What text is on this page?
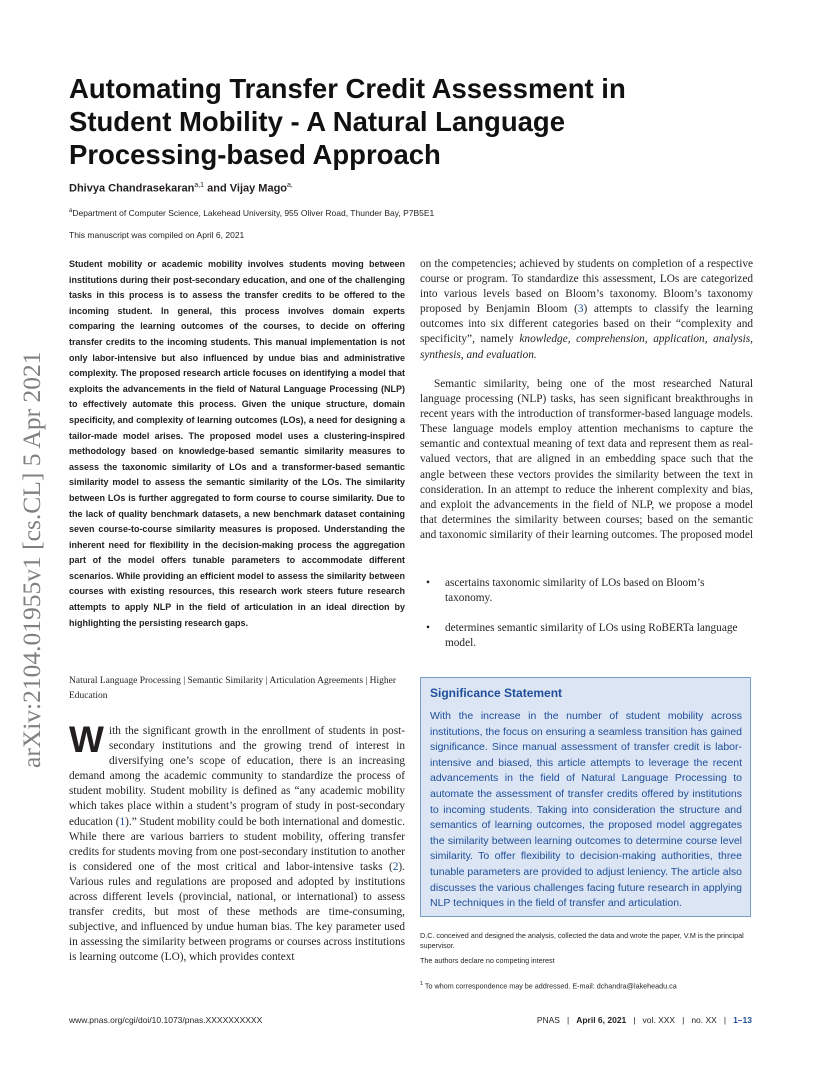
arXiv:2104.01955v1 [cs.CL] 5 Apr 2021
Automating Transfer Credit Assessment in Student Mobility - A Natural Language Processing-based Approach
Dhivya Chandrasekaran$^{a,1}$ and Vijay Mago$^{a,}$
$^a$Department of Computer Science, Lakehead University, 955 Oliver Road, Thunder Bay, P7B5E1
This manuscript was compiled on April 6, 2021

Student mobility or academic mobility involves students moving between institutions during their post-secondary education, and one of the challenging tasks in this process is to assess the transfer credits to be offered to the incoming student. In general, this process involves domain experts comparing the learning outcomes of the courses, to decide on offering transfer credits to the incoming students. This manual implementation is not only labor-intensive but also influenced by undue bias and administrative complexity. The proposed research article focuses on identifying a model that exploits the advancements in the field of Natural Language Processing (NLP) to effectively automate this process. Given the unique structure, domain specificity, and complexity of learning outcomes (LOs), a need for designing a tailor-made model arises. The proposed model uses a clustering-inspired methodology based on knowledge-based semantic similarity measures to assess the taxonomic similarity of LOs and a transformer-based semantic similarity model to assess the semantic similarity of the LOs. The similarity between LOs is further aggregated to form course to course similarity. Due to the lack of quality benchmark datasets, a new benchmark dataset containing seven course-to-course similarity measures is proposed. Understanding the inherent need for flexibility in the decision-making process the aggregation part of the model offers tunable parameters to accommodate different scenarios. While providing an efficient model to assess the similarity between courses with existing resources, this research work steers future research attempts to apply NLP in the field of articulation in an ideal direction by highlighting the persisting research gaps.

Natural Language Processing | Semantic Similarity | Articulation Agreements | Higher Education

With the significant growth in the enrollment of students in post-secondary institutions and the growing trend of interest in diversifying one’s scope of education, there is an increasing demand among the academic community to standardize the process of student mobility. Student mobility is defined as “any academic mobility which takes place within a student’s program of study in post-secondary education (1).” Student mobility could be both international and domestic. While there are various barriers to student mobility, offering transfer credits for students moving from one post-secondary institution to another is considered one of the most critical and labor-intensive tasks (2). Various rules and regulations are proposed and adopted by institutions across different levels (provincial, national, or international) to assess transfer credits, but most of these methods are time-consuming, subjective, and influenced by undue human bias. The key parameter used in assessing the similarity between programs or courses across institutions is learning outcome (LO), which provides context

on the competencies; achieved by students on completion of a respective course or program. To standardize this assessment, LOs are categorized into various levels based on Bloom’s taxonomy. Bloom’s taxonomy proposed by Benjamin Bloom (3) attempts to classify the learning outcomes into six different categories based on their “complexity and specificity”, namely knowledge, comprehension, application, analysis, synthesis, and evaluation.

Semantic similarity, being one of the most researched Natural language processing (NLP) tasks, has seen significant breakthroughs in recent years with the introduction of transformer-based language models. These language models employ attention mechanisms to capture the semantic and contextual meaning of text data and represent them as real-valued vectors, that are aligned in an embedding space such that the angle between these vectors provides the similarity between the text in consideration. In an attempt to reduce the inherent complexity and bias, and exploit the advancements in the field of NLP, we propose a model that determines the similarity between courses; based on the semantic and taxonomic similarity of their learning outcomes. The proposed model

• ascertains taxonomic similarity of LOs based on Bloom’s taxonomy.
• determines semantic similarity of LOs using RoBERTa language model.
Significance Statement

With the increase in the number of student mobility across institutions, the focus on ensuring a seamless transition has gained significance. Since manual assessment of transfer credit is labor-intensive and biased, this article attempts to leverage the recent advancements in the field of Natural Language Processing to automate the assessment of transfer credits offered by institutions to incoming students. Taking into consideration the structure and semantics of learning outcomes, the proposed model aggregates the similarity between learning outcomes to determine course level similarity. To offer flexibility to decision-making authorities, three tunable parameters are provided to adjust leniency. The article also discusses the various challenges facing future research in applying NLP techniques in the field of transfer and articulation.

D.C. conceived and designed the analysis, collected the data and wrote the paper, V.M is the principal supervisor.

The authors declare no competing interest

$^1$ To whom correspondence may be addressed. E-mail: dchandra@lakeheadu.ca

www.pnas.org/cgi/doi/10.1073/pnas.XXXXXXXXXX	PNAS | April 6, 2021 | vol. XXX | no. XX | 1–13
